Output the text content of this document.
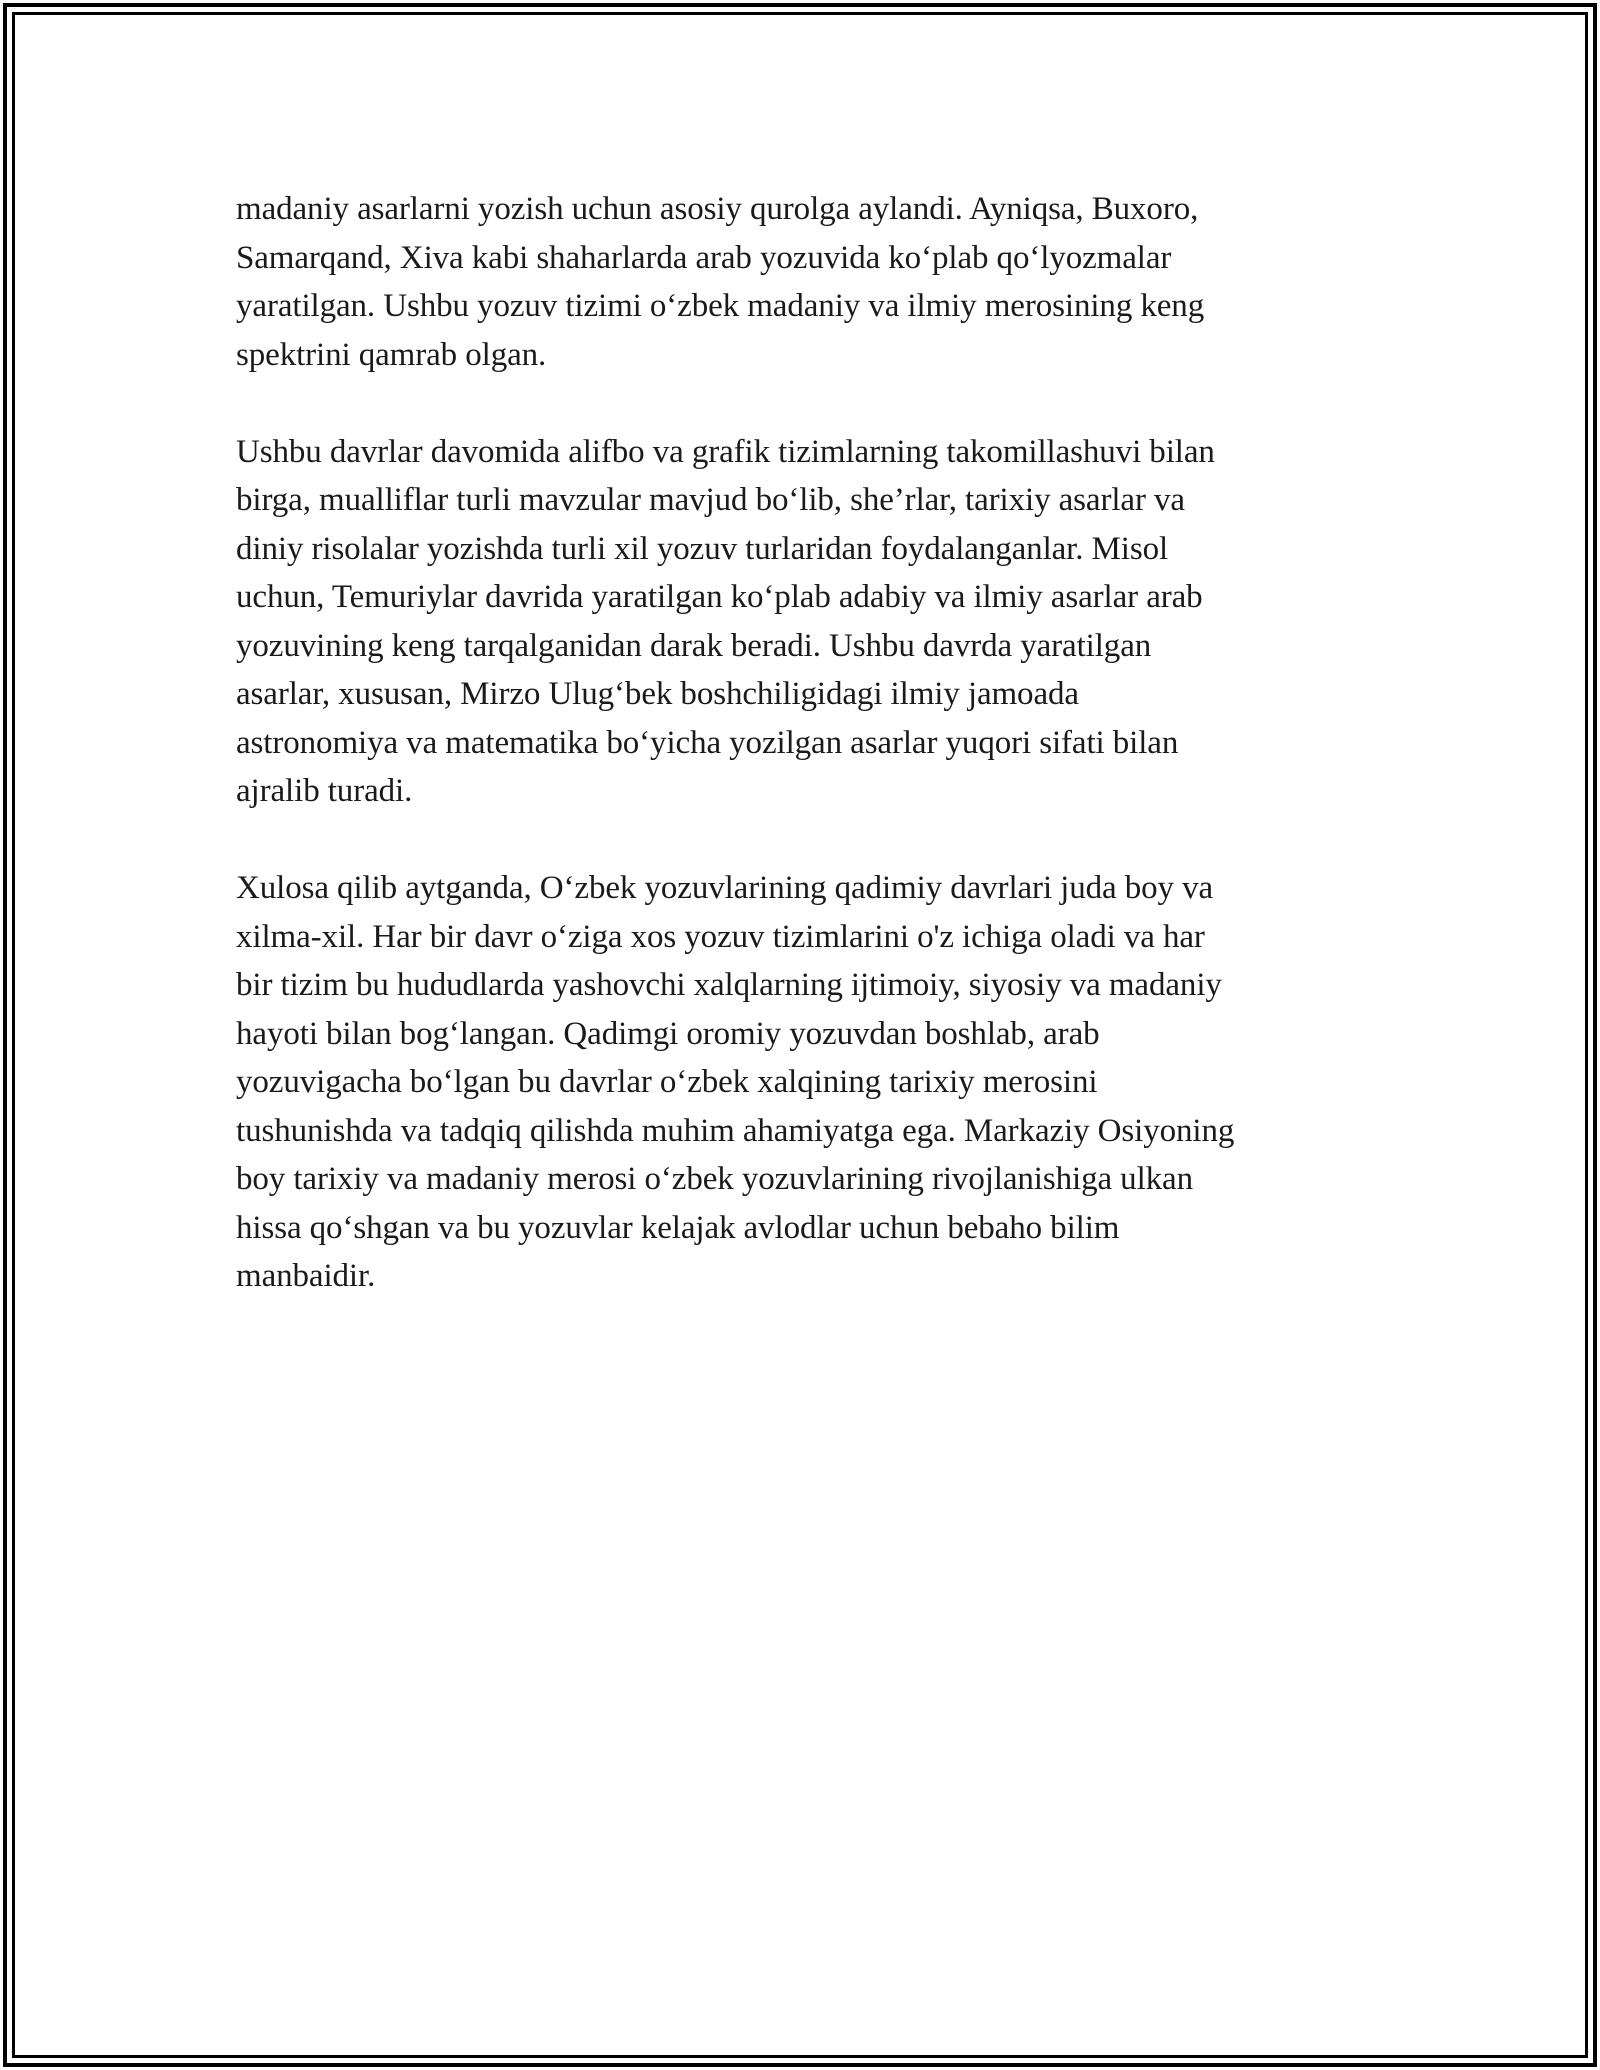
madaniy asarlarni yozish uchun asosiy qurolga aylandi. Ayniqsa, Buxoro,
Samarqand, Xiva kabi shaharlarda arab yozuvida ko‘plab qo‘lyozmalar
yaratilgan. Ushbu yozuv tizimi o‘zbek madaniy va ilmiy merosining keng
spektrini qamrab olgan.

Ushbu davrlar davomida alifbo va grafik tizimlarning takomillashuvi bilan
birga, mualliflar turli mavzular mavjud bo‘lib, she’rlar, tarixiy asarlar va
diniy risolalar yozishda turli xil yozuv turlaridan foydalanganlar. Misol
uchun, Temuriylar davrida yaratilgan ko‘plab adabiy va ilmiy asarlar arab
yozuvining keng tarqalganidan darak beradi. Ushbu davrda yaratilgan
asarlar, xususan, Mirzo Ulug‘bek boshchiligidagi ilmiy jamoada
astronomiya va matematika bo‘yicha yozilgan asarlar yuqori sifati bilan
ajralib turadi.

Xulosa qilib aytganda, O‘zbek yozuvlarining qadimiy davrlari juda boy va
xilma-xil. Har bir davr o‘ziga xos yozuv tizimlarini o'z ichiga oladi va har
bir tizim bu hududlarda yashovchi xalqlarning ijtimoiy, siyosiy va madaniy
hayoti bilan bog‘langan. Qadimgi oromiy yozuvdan boshlab, arab
yozuvigacha bo‘lgan bu davrlar o‘zbek xalqining tarixiy merosini
tushunishda va tadqiq qilishda muhim ahamiyatga ega. Markaziy Osiyoning
boy tarixiy va madaniy merosi o‘zbek yozuvlarining rivojlanishiga ulkan
hissa qo‘shgan va bu yozuvlar kelajak avlodlar uchun bebaho bilim
manbaidir.
